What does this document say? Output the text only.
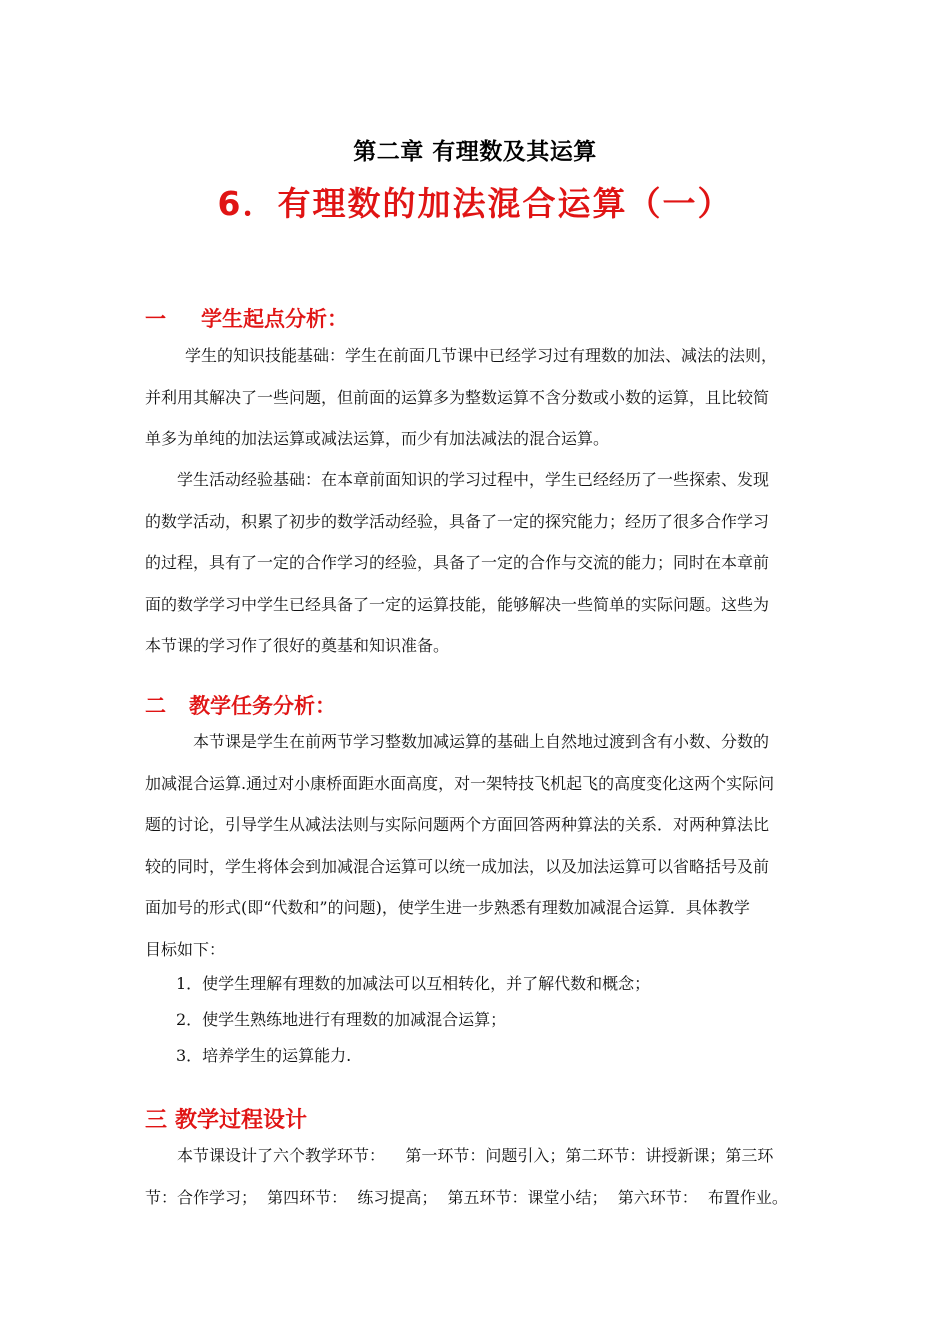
第二章 有理数及其运算
6．有理数的加法混合运算（一）
一 学生起点分析：
学生的知识技能基础：学生在前面几节课中已经学习过有理数的加法、减法的法则，
并利用其解决了一些问题，但前面的运算多为整数运算不含分数或小数的运算，且比较简
单多为单纯的加法运算或减法运算，而少有加法减法的混合运算。
学生活动经验基础：在本章前面知识的学习过程中，学生已经经历了一些探索、发现
的数学活动，积累了初步的数学活动经验，具备了一定的探究能力；经历了很多合作学习
的过程，具有了一定的合作学习的经验，具备了一定的合作与交流的能力；同时在本章前
面的数学学习中学生已经具备了一定的运算技能，能够解决一些简单的实际问题。这些为
本节课的学习作了很好的奠基和知识准备。
二 教学任务分析：
本节课是学生在前两节学习整数加减运算的基础上自然地过渡到含有小数、分数的
加减混合运算.通过对小康桥面距水面高度，对一架特技飞机起飞的高度变化这两个实际问
题的讨论，引导学生从减法法则与实际问题两个方面回答两种算法的关系．对两种算法比
较的同时，学生将体会到加减混合运算可以统一成加法，以及加法运算可以省略括号及前
面加号的形式(即“代数和”的问题)，使学生进一步熟悉有理数加减混合运算．具体教学
目标如下：
1．使学生理解有理数的加减法可以互相转化，并了解代数和概念；
2．使学生熟练地进行有理数的加减混合运算；
3．培养学生的运算能力.
三 教学过程设计
本节课设计了六个教学环节：    第一环节：问题引入；第二环节：讲授新课；第三环
节：合作学习；  第四环节：  练习提高；  第五环节：课堂小结；  第六环节：  布置作业。
